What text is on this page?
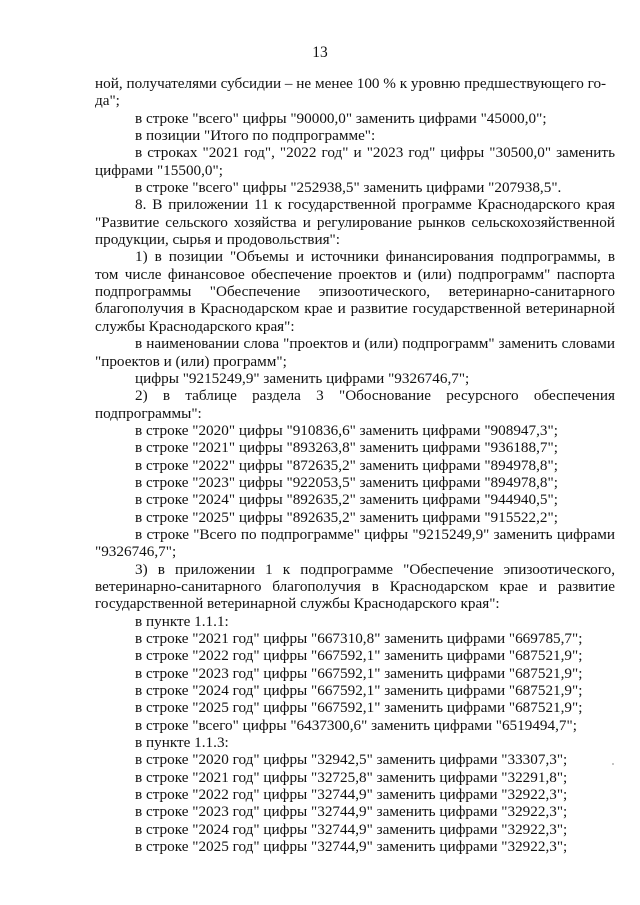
13

ной, получателями субсидии – не менее 100 % к уровню предшествующего го-

да";

в строке "всего" цифры "90000,0" заменить цифрами "45000,0";

в позиции "Итого по подпрограмме":

в строках "2021 год", "2022 год" и "2023 год" цифры "30500,0" заменить цифрами "15500,0";

в строке "всего" цифры "252938,5" заменить цифрами "207938,5".

8. В приложении 11 к государственной программе Краснодарского края "Развитие сельского хозяйства и регулирование рынков сельскохозяйственной продукции, сырья и продовольствия":

1) в позиции "Объемы и источники финансирования подпрограммы, в том числе финансовое обеспечение проектов и (или) подпрограмм" паспорта подпрограммы "Обеспечение эпизоотического, ветеринарно-санитарного благополучия в Краснодарском крае и развитие государственной ветеринарной службы Краснодарского края":

в наименовании слова "проектов и (или) подпрограмм" заменить словами "проектов и (или) программ";

цифры "9215249,9" заменить цифрами "9326746,7";

2) в таблице раздела 3 "Обоснование ресурсного обеспечения подпрограммы":

в строке "2020" цифры "910836,6" заменить цифрами "908947,3";

в строке "2021" цифры "893263,8" заменить цифрами "936188,7";

в строке "2022" цифры "872635,2" заменить цифрами "894978,8";

в строке "2023" цифры "922053,5" заменить цифрами "894978,8";

в строке "2024" цифры "892635,2" заменить цифрами "944940,5";

в строке "2025" цифры "892635,2" заменить цифрами "915522,2";

в строке "Всего по подпрограмме" цифры "9215249,9" заменить цифрами "9326746,7";

3) в приложении 1 к подпрограмме "Обеспечение эпизоотического, ветеринарно-санитарного благополучия в Краснодарском крае и развитие государственной ветеринарной службы Краснодарского края":

в пункте 1.1.1:

в строке "2021 год" цифры "667310,8" заменить цифрами "669785,7";

в строке "2022 год" цифры "667592,1" заменить цифрами "687521,9";

в строке "2023 год" цифры "667592,1" заменить цифрами "687521,9";

в строке "2024 год" цифры "667592,1" заменить цифрами "687521,9";

в строке "2025 год" цифры "667592,1" заменить цифрами "687521,9";

в строке "всего" цифры "6437300,6" заменить цифрами "6519494,7";

в пункте 1.1.3:

в строке "2020 год" цифры "32942,5" заменить цифрами "33307,3";

в строке "2021 год" цифры "32725,8" заменить цифрами "32291,8";

в строке "2022 год" цифры "32744,9" заменить цифрами "32922,3";

в строке "2023 год" цифры "32744,9" заменить цифрами "32922,3";

в строке "2024 год" цифры "32744,9" заменить цифрами "32922,3";

в строке "2025 год" цифры "32744,9" заменить цифрами "32922,3";
